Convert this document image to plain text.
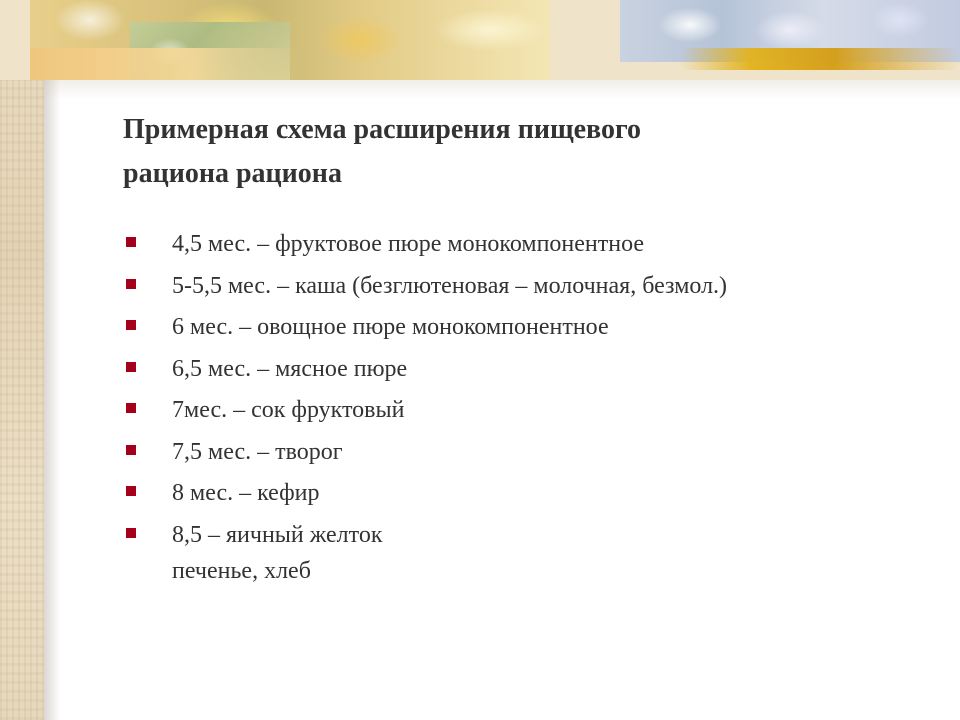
Примерная схема расширения пищевого
рациона рациона
4,5 мес. – фруктовое пюре монокомпонентное
5-5,5 мес. – каша (безглютеновая – молочная, безмол.)
6 мес. – овощное пюре монокомпонентное
6,5 мес. – мясное пюре
7мес. – сок фруктовый
7,5 мес. – творог
8 мес. – кефир
8,5 – яичный желток
печенье, хлеб
